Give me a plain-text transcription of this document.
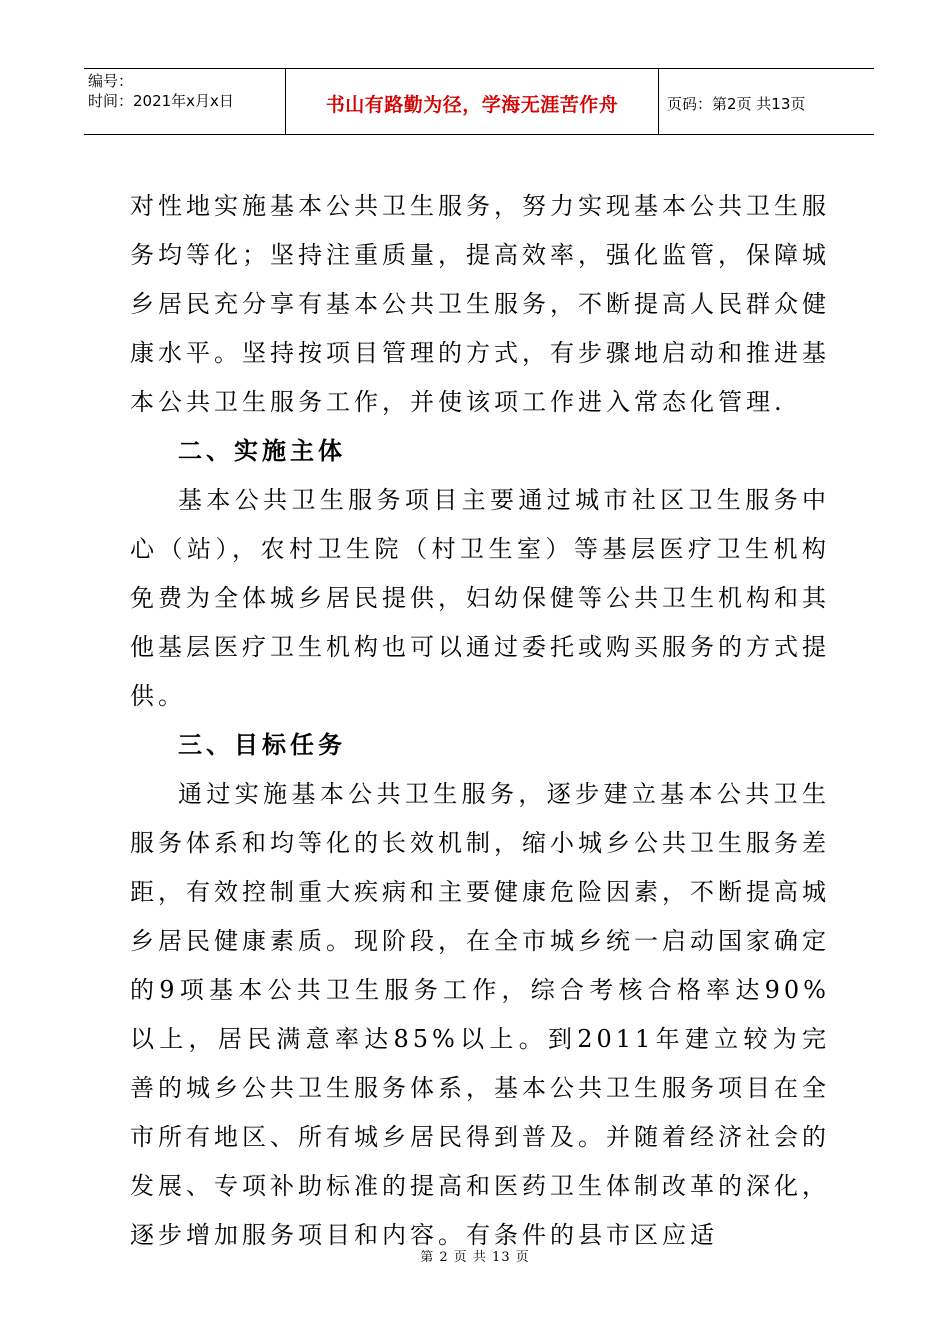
编号：
时间：2021年x月x日	书山有路勤为径，学海无涯苦作舟	页码：第2页 共13页

对性地实施基本公共卫生服务，努力实现基本公共卫生服务均等化；坚持注重质量，提高效率，强化监管，保障城乡居民充分享有基本公共卫生服务，不断提高人民群众健康水平。坚持按项目管理的方式，有步骤地启动和推进基本公共卫生服务工作，并使该项工作进入常态化管理.

二、实施主体

基本公共卫生服务项目主要通过城市社区卫生服务中心（站），农村卫生院（村卫生室）等基层医疗卫生机构免费为全体城乡居民提供，妇幼保健等公共卫生机构和其他基层医疗卫生机构也可以通过委托或购买服务的方式提供。

三、目标任务

通过实施基本公共卫生服务，逐步建立基本公共卫生服务体系和均等化的长效机制，缩小城乡公共卫生服务差距，有效控制重大疾病和主要健康危险因素，不断提高城乡居民健康素质。现阶段，在全市城乡统一启动国家确定的9项基本公共卫生服务工作，综合考核合格率达90%以上，居民满意率达85%以上。到2011年建立较为完善的城乡公共卫生服务体系，基本公共卫生服务项目在全市所有地区、所有城乡居民得到普及。并随着经济社会的发展、专项补助标准的提高和医药卫生体制改革的深化，逐步增加服务项目和内容。有条件的县市区应适

第 2 页 共 13 页
